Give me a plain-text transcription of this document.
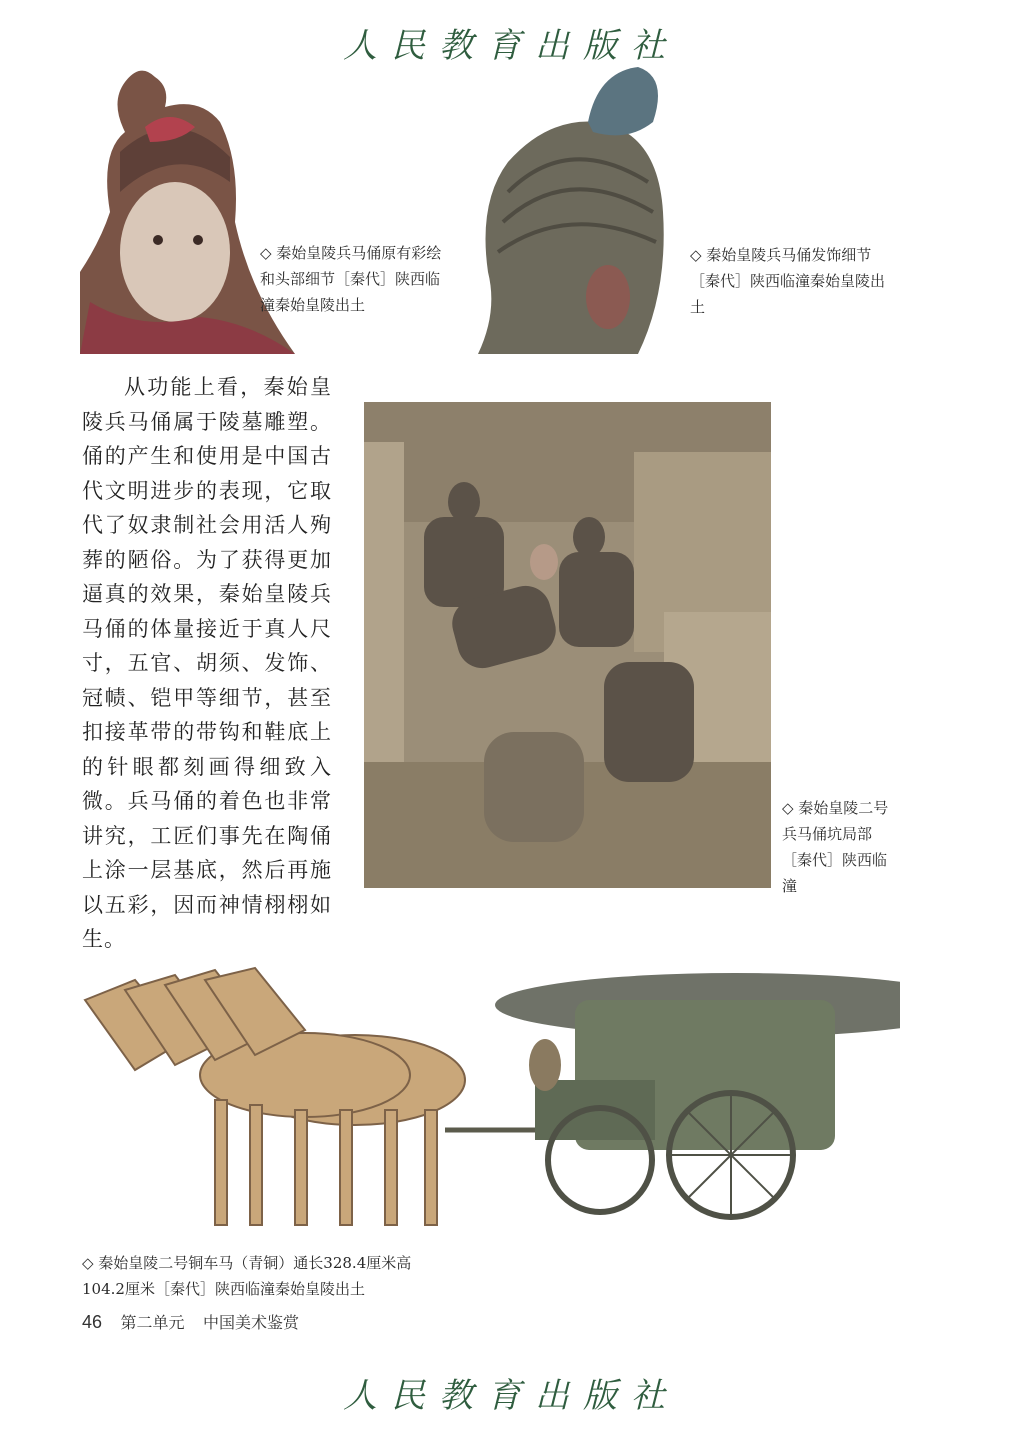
人民教育出版社
◇ 秦始皇陵兵马俑原有彩绘和头部细节［秦代］陕西临潼秦始皇陵出土
◇ 秦始皇陵兵马俑发饰细节［秦代］陕西临潼秦始皇陵出土
从功能上看，秦始皇陵兵马俑属于陵墓雕塑。俑的产生和使用是中国古代文明进步的表现，它取代了奴隶制社会用活人殉葬的陋俗。为了获得更加逼真的效果，秦始皇陵兵马俑的体量接近于真人尺寸，五官、胡须、发饰、冠帻、铠甲等细节，甚至扣接革带的带钩和鞋底上的针眼都刻画得细致入微。兵马俑的着色也非常讲究，工匠们事先在陶俑上涂一层基底，然后再施以五彩，因而神情栩栩如生。
◇ 秦始皇陵二号兵马俑坑局部［秦代］陕西临潼
◇ 秦始皇陵二号铜车马（青铜）通长328.4厘米高104.2厘米［秦代］陕西临潼秦始皇陵出土
46 第二单元 中国美术鉴赏
人民教育出版社
